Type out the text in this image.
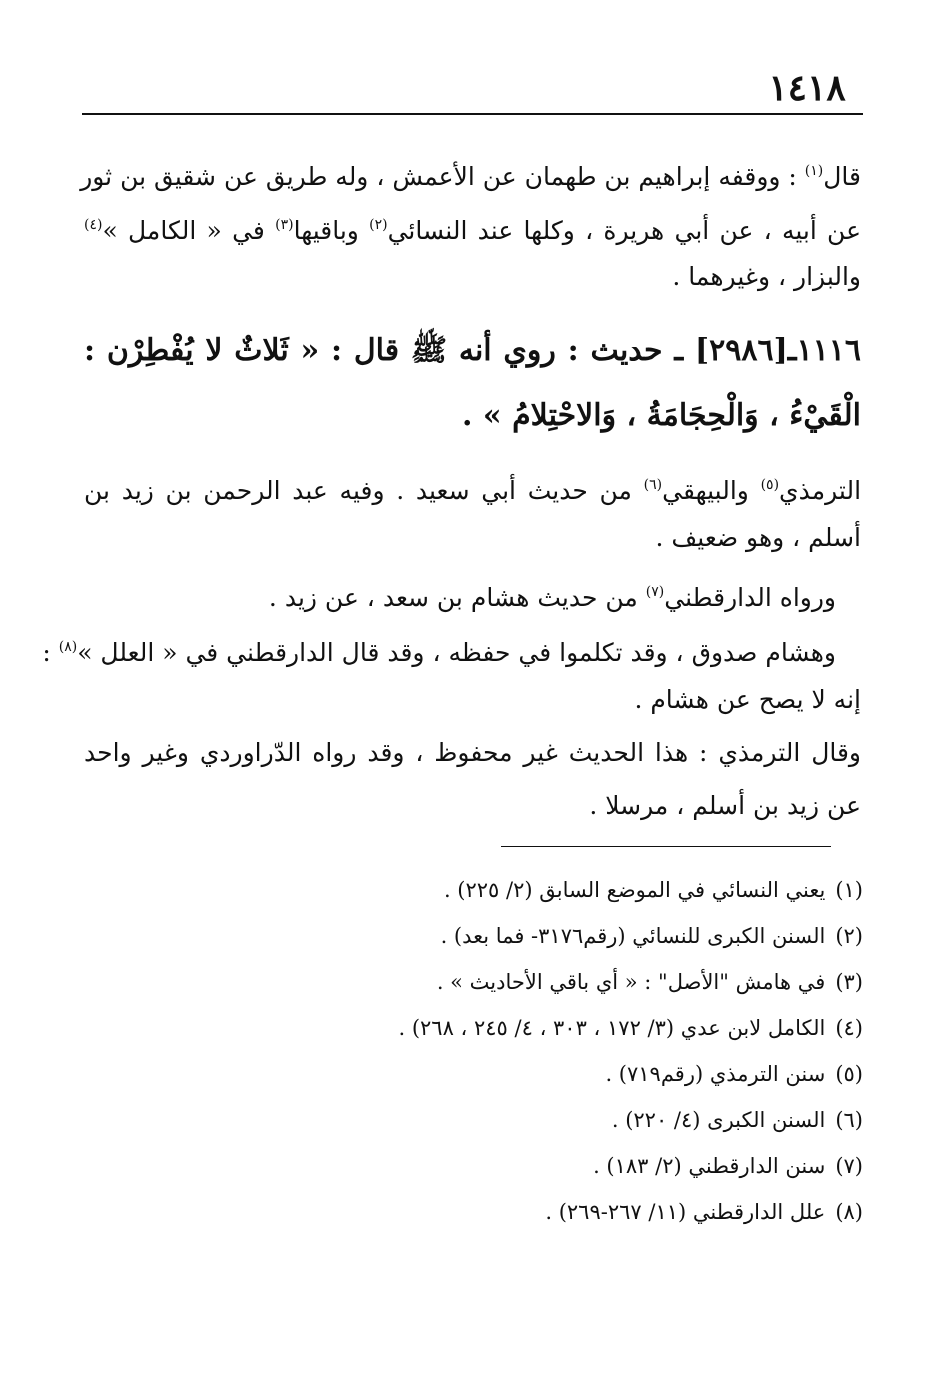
١٤١٨
قال$^{(١)}$ : ووقفه إبراهيم بن طهمان عن الأعمش ، وله طريق عن شقيق بن ثور
عن أبيه ، عن أبي هريرة ، وكلها عند النسائي$^{(٢)}$ وباقيها$^{(٣)}$ في « الكامل »$^{(٤)}$
والبزار ، وغيرهما .
١١١٦ـ[٢٩٨٦] ـ حديث : روي أنه ﷺ قال : « ثَلاثٌ لا يُفْطِرْن :
الْقَيْءُ ، وَالْحِجَامَةُ ، وَالاحْتِلامُ » .
الترمذي$^{(٥)}$ والبيهقي$^{(٦)}$ من حديث أبي سعيد . وفيه عبد الرحمن بن زيد بن
أسلم ، وهو ضعيف .
ورواه الدارقطني$^{(٧)}$ من حديث هشام بن سعد ، عن زيد .
وهشام صدوق ، وقد تكلموا في حفظه ، وقد قال الدارقطني في « العلل »$^{(٨)}$ :
إنه لا يصح عن هشام .
وقال الترمذي : هذا الحديث غير محفوظ ، وقد رواه الدّراوردي وغير واحد
عن زيد بن أسلم ، مرسلا .
(١)يعني النسائي في الموضع السابق (٢/ ٢٢٥) .
(٢)السنن الكبرى للنسائي (رقم٣١٧٦- فما بعد) .
(٣)في هامش "الأصل" : « أي باقي الأحاديث » .
(٤)الكامل لابن عدي (٣/ ١٧٢ ، ٣٠٣ ، ٤/ ٢٤٥ ، ٢٦٨) .
(٥)سنن الترمذي (رقم٧١٩) .
(٦)السنن الكبرى (٤/ ٢٢٠) .
(٧)سنن الدارقطني (٢/ ١٨٣) .
(٨)علل الدارقطني (١١/ ٢٦٧-٢٦٩) .
